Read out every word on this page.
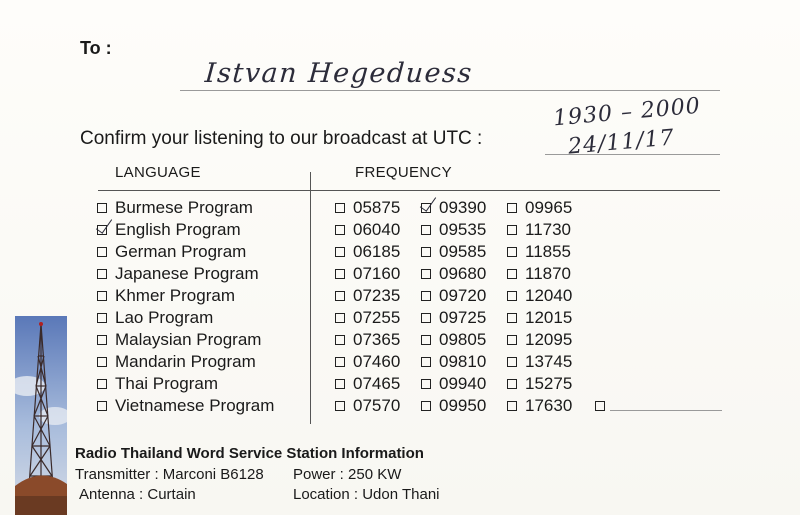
To :
Istvan Hegeduess
Confirm your listening to our broadcast at UTC :
1930 – 2000
24/11/17
LANGUAGE	FREQUENCY
Burmese Program	05875	09390	09965
English Program	06040	09535	11730
German Program	06185	09585	11855
Japanese Program	07160	09680	11870
Khmer Program	07235	09720	12040
Lao Program	07255	09725	12015
Malaysian Program	07365	09805	12095
Mandarin Program	07460	09810	13745
Thai Program	07465	09940	15275
Vietnamese Program	07570	09950	17630
Radio Thailand Word Service Station Information
Transmitter : Marconi B6128 Power : 250 KW
Antenna : Curtain	Location : Udon Thani
